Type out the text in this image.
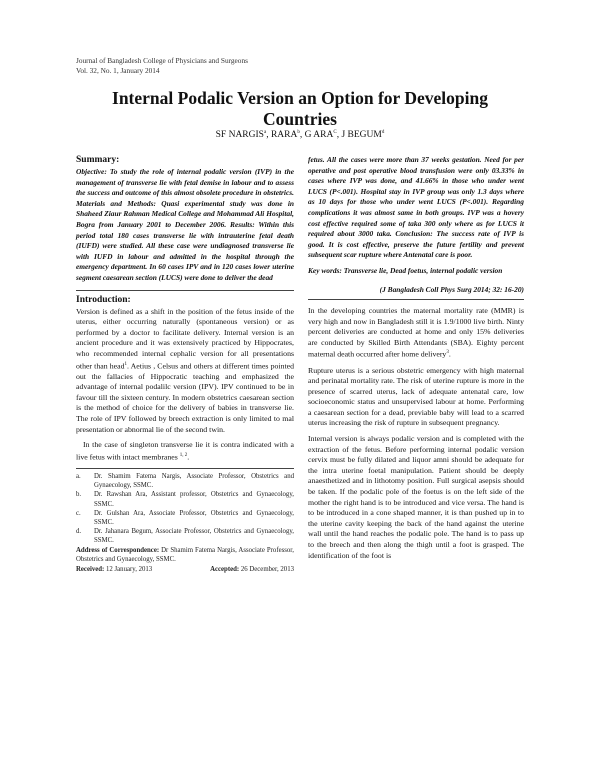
Journal of Bangladesh College of Physicians and Surgeons
Vol. 32, No. 1, January 2014
Internal Podalic Version an Option for Developing Countries
SF NARGIS$^a$, RARA$^b$, G $ARA^C$, J BEGUM$^d$
Summary:

Objective: To study the role of internal podalic version (IVP) in the management of transverse lie with fetal demise in labour and to assess the success and outcome of this almost obsolete procedure in obstetrics. Materials and Methods: Quasi experimental study was done in Shaheed Ziaur Rahman Medical College and Mohammad Ali Hospital, Bogra from January 2001 to December 2006. Results: Within this period total 180 cases transverse lie with intrauterine fetal death (IUFD) were studied. All these case were undiagnosed transverse lie with IUFD in labour and admitted in the hospital through the emergency department. In 60 cases IPV and in 120 cases lower uterine segment caesarean section (LUCS) were done to deliver the dead

Introduction:

Version is defined as a shift in the position of the fetus inside of the uterus, either occurring naturally (spontaneous version) or as performed by a doctor to facilitate delivery. Internal version is an ancient procedure and it was extensively practiced by Hippocrates, who recommended internal cephalic version for all presentations other than head$^1$. Aetius , Celsus and others at different times pointed out the fallacies of Hippocratic teaching and emphasized the advantage of internal podalilc version (IPV). IPV continued to be in favour till the sixteen century. In modern obstetrics caesarean section is the method of choice for the delivery of babies in transverse lie. The role of IPV followed by breech extraction is only limited to mal presentation or abnormal lie of the second twin.

In the case of singleton transverse lie it is contra indicated with a live fetus with intact membranes $^{1, 2}$.

a.	Dr. Shamim Fatema Nargis, Associate Professor, Obstetrics and Gynaecology, SSMC.
b.	Dr. Rawshan Ara, Assistant professor, Obstetrics and Gynaecology, SSMC.
c.	Dr. Gulshan Ara, Associate Professor, Obstetrics and Gynaecology, SSMC.
d.	Dr. Jahanara Begum, Associate Professor, Obstetrics and Gynaecology, SSMC.
Address of Correspondence: Dr Shamim Fatema Nargis, Associate Professor, Obstetrics and Gynaecology, SSMC.
Received: 12 January, 2013	Accepted: 26 December, 2013

fetus. All the cases were more than 37 weeks gestation. Need for per operative and post operative blood transfusion were only 03.33% in cases where IVP was done, and 41.66% in those who under went LUCS (P<.001). Hospital stay in IVP group was only 1.3 days where as 10 days for those who under went LUCS (P<.001). Regarding complications it was almost same in both groups. IVP was a hovery cost effective required some of taka 300 only where as for LUCS it required about 3000 taka. Conclusion: The success rate of IVP is good. It is cost effective, preserve the future fertility and prevent subsequent scar rupture where Antenatal care is poor.

Key words: Transverse lie, Dead foetus, internal podalic version

(J Bangladesh Coll Phys Surg 2014; 32: 16-20)

In the developing countries the maternal mortality rate (MMR) is very high and now in Bangladesh still it is 1.9/1000 live birth. Ninty percent deliveries are conducted at home and only 15% deliveries are conducted by Skilled Birth Attendants (SBA). Eighty percent maternal death occurred after home delivery$^3$.

Rupture uterus is a serious obstetric emergency with high maternal and perinatal mortality rate. The risk of uterine rupture is more in the presence of scarred uterus, lack of adequate antenatal care, low socioeconomic status and unsupervised labour at home. Performing a caesarean section for a dead, previable baby will lead to a scarred uterus increasing the risk of rupture in subsequent pregnancy.

Internal version is always podalic version and is completed with the extraction of the fetus. Before performing internal podalic version cervix must be fully dilated and liquor amni should be adequate for the intra uterine foetal manipulation. Patient should be deeply anaesthetized and in lithotomy position. Full surgical asepsis should be taken. If the podalic pole of the foetus is on the left side of the mother the right hand is to be introduced and vice versa. The hand is to be introduced in a cone shaped manner, it is than pushed up in to the uterine cavity keeping the back of the hand against the uterine wall until the hand reaches the podalic pole. The hand is to pass up to the breech and then along the thigh until a foot is grasped. The identification of the foot is
